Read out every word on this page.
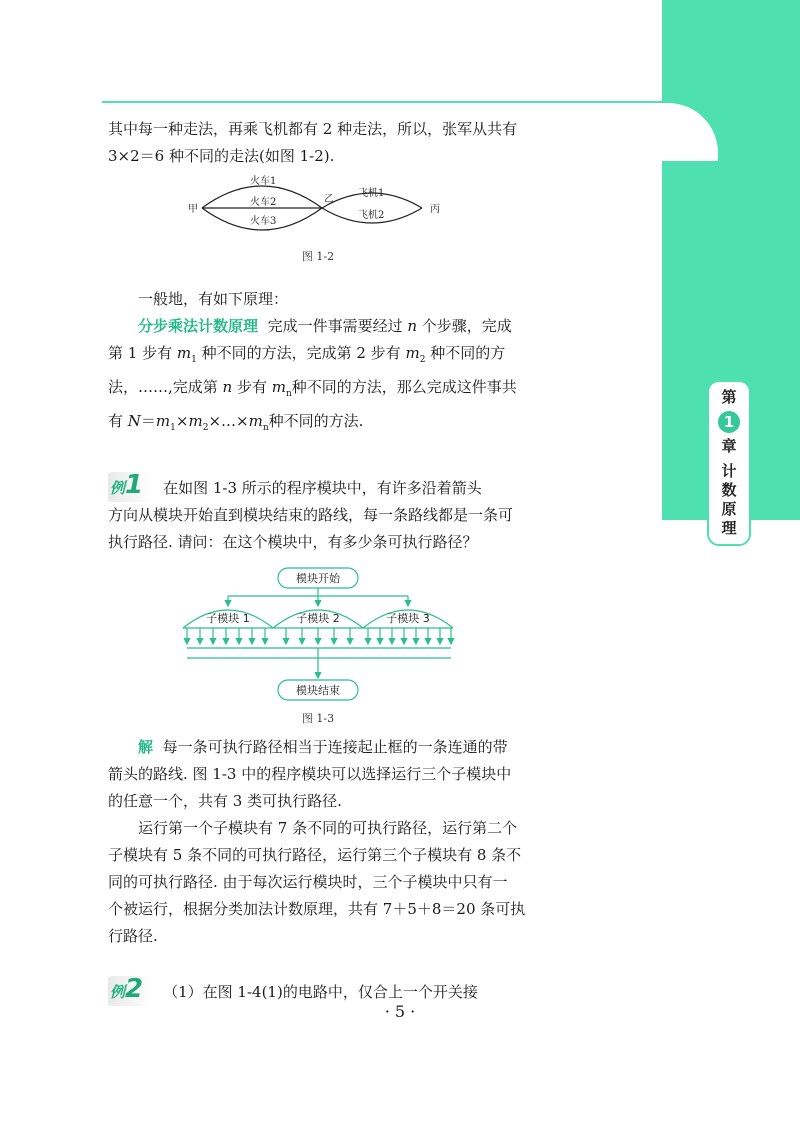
第
1
章
计
数
原
理

其中每一种走法，再乘飞机都有 2 种走法，所以，张军从共有

3×2＝6 种不同的走法(如图 1-2).

甲
乙
丙
火车1
火车2
火车3
飞机1
飞机2

图 1-2

一般地，有如下原理：

分步乘法计数原理 完成一件事需要经过 n 个步骤，完成

第 1 步有 $m_1$ 种不同的方法，完成第 2 步有 $m_2$ 种不同的方

法，……,完成第 n 步有 $m_n$种不同的方法，那么完成这件事共

有 $N=m_1\times m_2\times\dots\times m_n$种不同的方法.

例1 在如图 1-3 所示的程序模块中，有许多沿着箭头

方向从模块开始直到模块结束的路线，每一条路线都是一条可

执行路径. 请问：在这个模块中，有多少条可执行路径？

模块开始
子模块 1	子模块 2	子模块 3
模块结束

图 1-3

解 每一条可执行路径相当于连接起止框的一条连通的带

箭头的路线. 图 1-3 中的程序模块可以选择运行三个子模块中

的任意一个，共有 3 类可执行路径.

运行第一个子模块有 7 条不同的可执行路径，运行第二个

子模块有 5 条不同的可执行路径，运行第三个子模块有 8 条不

同的可执行路径. 由于每次运行模块时，三个子模块中只有一

个被运行，根据分类加法计数原理，共有 7＋5＋8＝20 条可执

行路径.

例2 （1）在图 1-4(1)的电路中，仅合上一个开关接

· 5 ·
